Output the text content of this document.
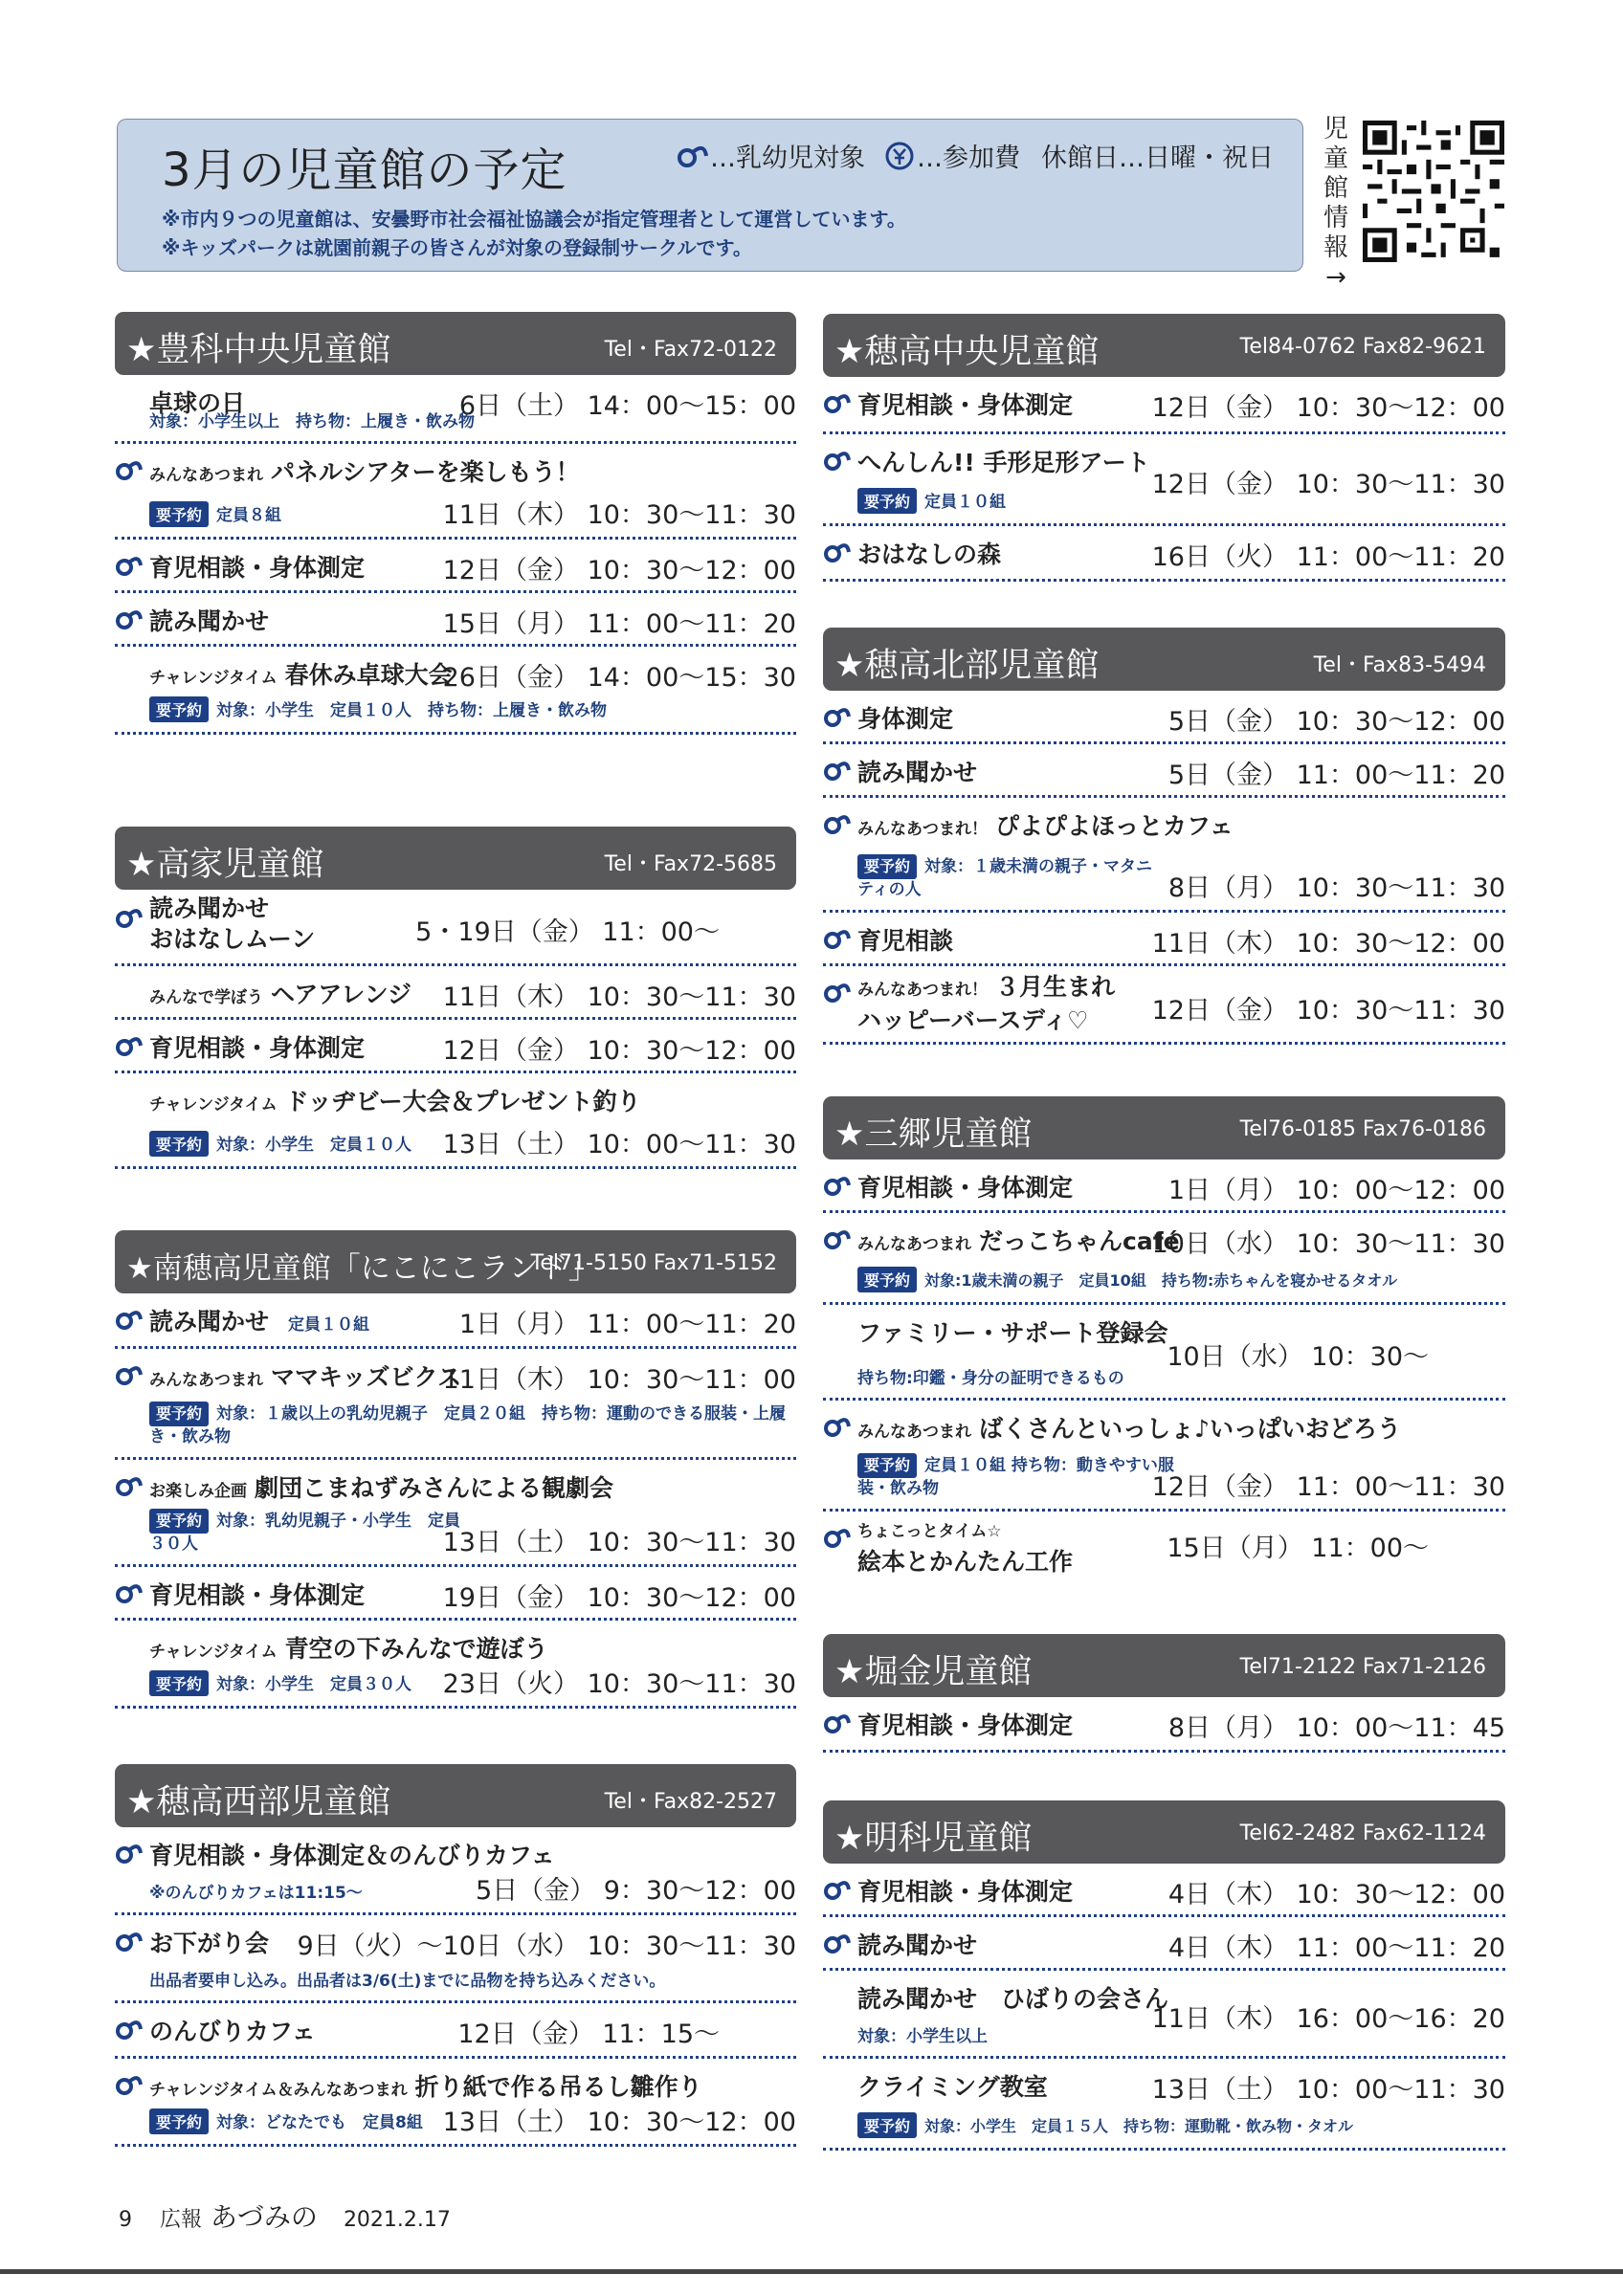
3月の児童館の予定	…乳幼児対象 …参加費 休館日…日曜・祝日
※市内９つの児童館は、安曇野市社会福祉協議会が指定管理者として運営しています。
※キッズパークは就園前親子の皆さんが対象の登録制サークルです。
児童館情報→
★豊科中央児童館	Tel・Fax72-0122
卓球の日	6日（土） 14：00～15：00
対象：小学生以上　持ち物：上履き・飲み物
みんなあつまれ パネルシアターを楽しもう！
要予約 定員８組	11日（木） 10：30～11：30
育児相談・身体測定	12日（金） 10：30～12：00
読み聞かせ	15日（月） 11：00～11：20
チャレンジタイム 春休み卓球大会
26日（金） 14：00～15：30
要予約 対象：小学生　定員１０人　持ち物：上履き・飲み物
★高家児童館	Tel・Fax72-5685
読み聞かせ
おはなしムーン	5・19日（金） 11：00～
みんなで学ぼう ヘアアレンジ 11日（木） 10：30～11：30
育児相談・身体測定	12日（金） 10：30～12：00
チャレンジタイム ドッヂビー大会＆プレゼント釣り
要予約 対象：小学生　定員１０人 13日（土） 10：00～11：30
★南穂高児童館「にこにこランド」
Tel71-5150 Fax71-5152
読み聞かせ 定員１０組	1日（月） 11：00～11：20
みんなあつまれ ママキッズビクス
11日（木） 10：30～11：00
要予約 対象：１歳以上の乳幼児親子　定員２０組　持ち物：運動のできる服装・上履き・飲み物
お楽しみ企画 劇団こまねずみさんによる観劇会
要予約 対象：乳幼児親子・小学生　定員３０人	13日（土） 10：30～11：30
育児相談・身体測定	19日（金） 10：30～12：00
チャレンジタイム 青空の下みんなで遊ぼう
要予約 対象：小学生　定員３０人 23日（火） 10：30～11：30
★穂高西部児童館	Tel・Fax82-2527
育児相談・身体測定＆のんびりカフェ
※のんびりカフェは11:15～	5日（金） 9：30～12：00
お下がり会 9日（火）～10日（水） 10：30～11：30
出品者要申し込み。出品者は3/6(土)までに品物を持ち込みください。
のんびりカフェ	12日（金） 11：15～
チャレンジタイム＆みんなあつまれ 折り紙で作る吊るし雛作り
要予約 対象：どなたでも　定員8組 13日（土） 10：30～12：00
★穂高中央児童館	Tel84-0762 Fax82-9621
育児相談・身体測定	12日（金） 10：30～12：00
へんしん!! 手形足形アート
要予約 定員１０組
12日（金） 10：30～11：30
おはなしの森	16日（火） 11：00～11：20
★穂高北部児童館	Tel・Fax83-5494
身体測定	5日（金） 10：30～12：00
読み聞かせ	5日（金） 11：00～11：20
みんなあつまれ！ ぴよぴよほっとカフェ
要予約 対象：１歳未満の親子・マタニティの人	8日（月） 10：30～11：30
育児相談	11日（木） 10：30～12：00
みんなあつまれ！ ３月生まれ
ハッピーバースディ♡	12日（金） 10：30～11：30
★三郷児童館	Tel76-0185 Fax76-0186
育児相談・身体測定	1日（月） 10：00～12：00
みんなあつまれ だっこちゃんcafé
10日（水） 10：30～11：30
要予約 対象:1歳未満の親子　定員10組　持ち物:赤ちゃんを寝かせるタオル
ファミリー・サポート登録会
持ち物:印鑑・身分の証明できるもの
10日（水） 10：30～
みんなあつまれ ばくさんといっしょ♪いっぱいおどろう
要予約 定員１０組 持ち物：動きやすい服装・飲み物	12日（金） 11：00～11：30
ちょこっとタイム☆
絵本とかんたん工作	15日（月） 11：00～
★堀金児童館	Tel71-2122 Fax71-2126
育児相談・身体測定	8日（月） 10：00～11：45
★明科児童館	Tel62-2482 Fax62-1124
育児相談・身体測定	4日（木） 10：30～12：00
読み聞かせ	4日（木） 11：00～11：20
読み聞かせ　ひばりの会さん
対象：小学生以上
11日（木） 16：00～16：20
クライミング教室	13日（土） 10：00～11：30
要予約 対象：小学生　定員１５人　持ち物：運動靴・飲み物・タオル
9 広報 あづみの 2021.2.17
